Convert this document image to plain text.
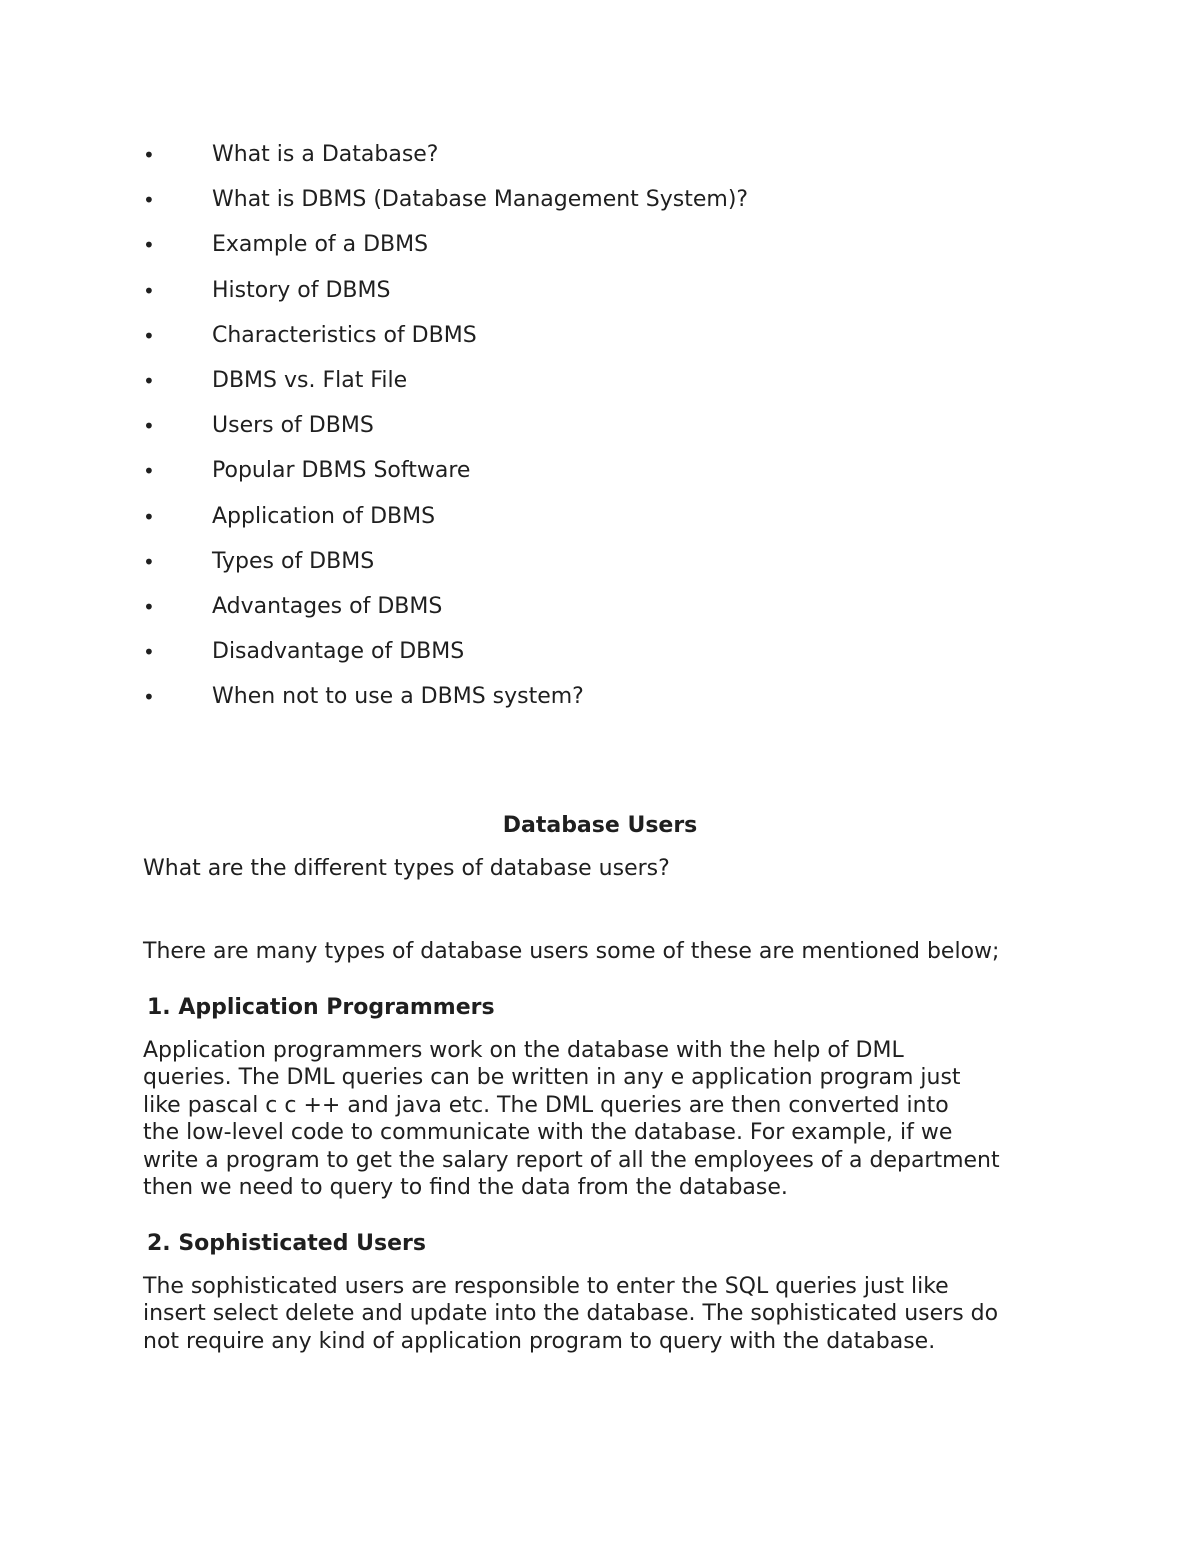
•	What is a Database?
•	What is DBMS (Database Management System)?
•	Example of a DBMS
•	History of DBMS
•	Characteristics of DBMS
•	DBMS vs. Flat File
•	Users of DBMS
•	Popular DBMS Software
•	Application of DBMS
•	Types of DBMS
•	Advantages of DBMS
•	Disadvantage of DBMS
•	When not to use a DBMS system?
Database Users
What are the different types of database users?
There are many types of database users some of these are mentioned below;
1. Application Programmers
Application programmers work on the database with the help of DML
queries. The DML queries can be written in any e application program just
like pascal c c ++ and java etc. The DML queries are then converted into
the low-level code to communicate with the database. For example, if we
write a program to get the salary report of all the employees of a department
then we need to query to find the data from the database.
2. Sophisticated Users
The sophisticated users are responsible to enter the SQL queries just like
insert select delete and update into the database. The sophisticated users do
not require any kind of application program to query with the database.
